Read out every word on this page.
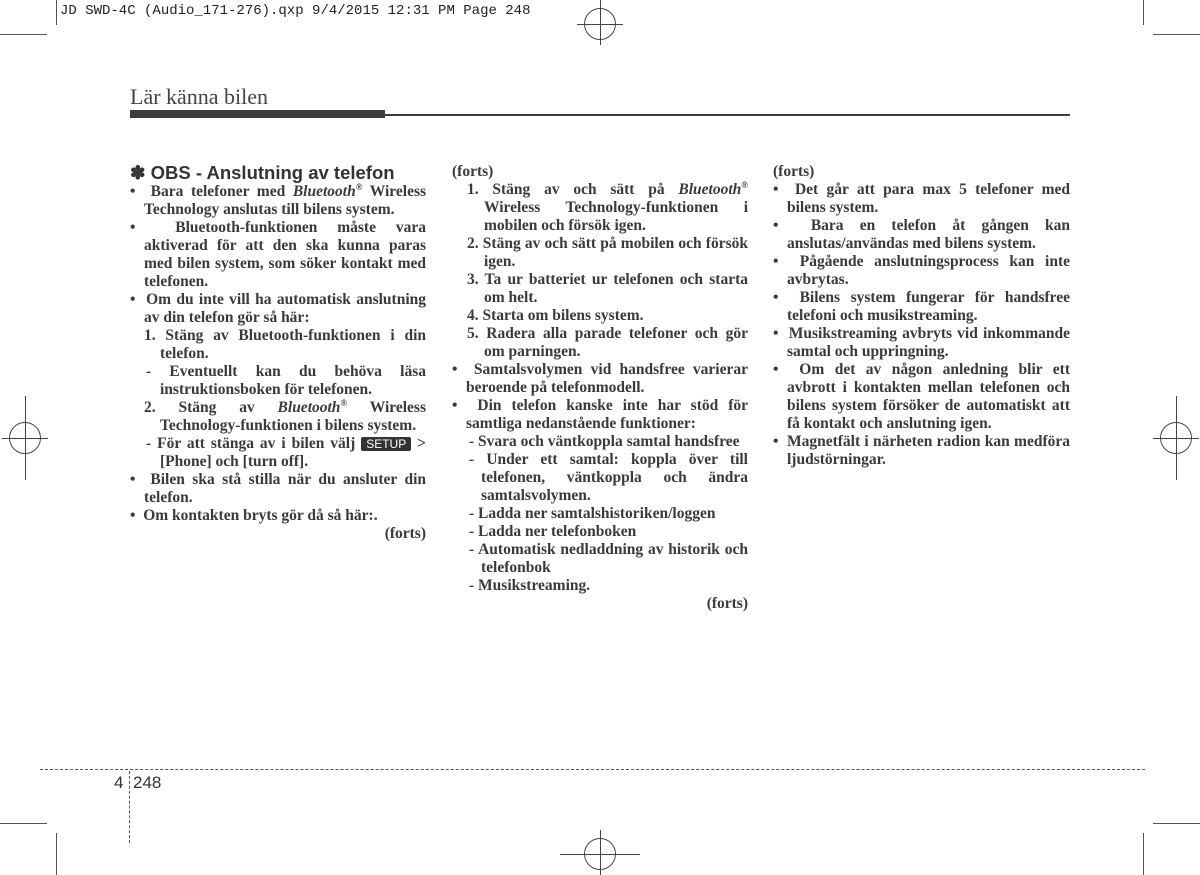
JD SWD-4C (Audio_171-276).qxp 9/4/2015 12:31 PM Page 248
Lär känna bilen

✽ OBS - Anslutning av telefon

• Bara telefoner med Bluetooth® Wireless Technology anslutas till bilens system.

•	Bluetooth-funktionen måste vara aktiverad för att den ska kunna paras med bilen system, som söker kontakt med telefonen.

• Om du inte vill ha automatisk anslutning av din telefon gör så här:

1. Stäng av Bluetooth-funktionen i din telefon.

- Eventuellt kan du behöva läsa instruktionsboken för telefonen.

2. Stäng av Bluetooth® Wireless Technology-funktionen i bilens system.

- För att stänga av i bilen välj SETUP > [Phone] och [turn off].

• Bilen ska stå stilla när du ansluter din telefon.

• Om kontakten bryts gör då så här:.

(forts)

(forts)

1. Stäng av och sätt på Bluetooth® Wireless Technology-funktionen i mobilen och försök igen.

2. Stäng av och sätt på mobilen och försök igen.

3. Ta ur batteriet ur telefonen och starta om helt.

4. Starta om bilens system.

5. Radera alla parade telefoner och gör om parningen.

• Samtalsvolymen vid handsfree varierar beroende på telefonmodell.

• Din telefon kanske inte har stöd för samtliga nedanstående funktioner:

- Svara och väntkoppla samtal handsfree

- Under ett samtal: koppla över till telefonen, väntkoppla och ändra samtalsvolymen.

- Ladda ner samtalshistoriken/loggen

- Ladda ner telefonboken

- Automatisk nedladdning av historik och telefonbok

- Musikstreaming.

(forts)

(forts)

• Det går att para max 5 telefoner med bilens system.

• Bara en telefon åt gången kan anslutas/användas med bilens system.

• Pågående anslutningsprocess kan inte avbrytas.

• Bilens system fungerar för handsfree telefoni och musikstreaming.

• Musikstreaming avbryts vid inkommande samtal och uppringning.

• Om det av någon anledning blir ett avbrott i kontakten mellan telefonen och bilens system försöker de automatiskt att få kontakt och anslutning igen.

• Magnetfält i närheten radion kan medföra ljudstörningar.

4 248
